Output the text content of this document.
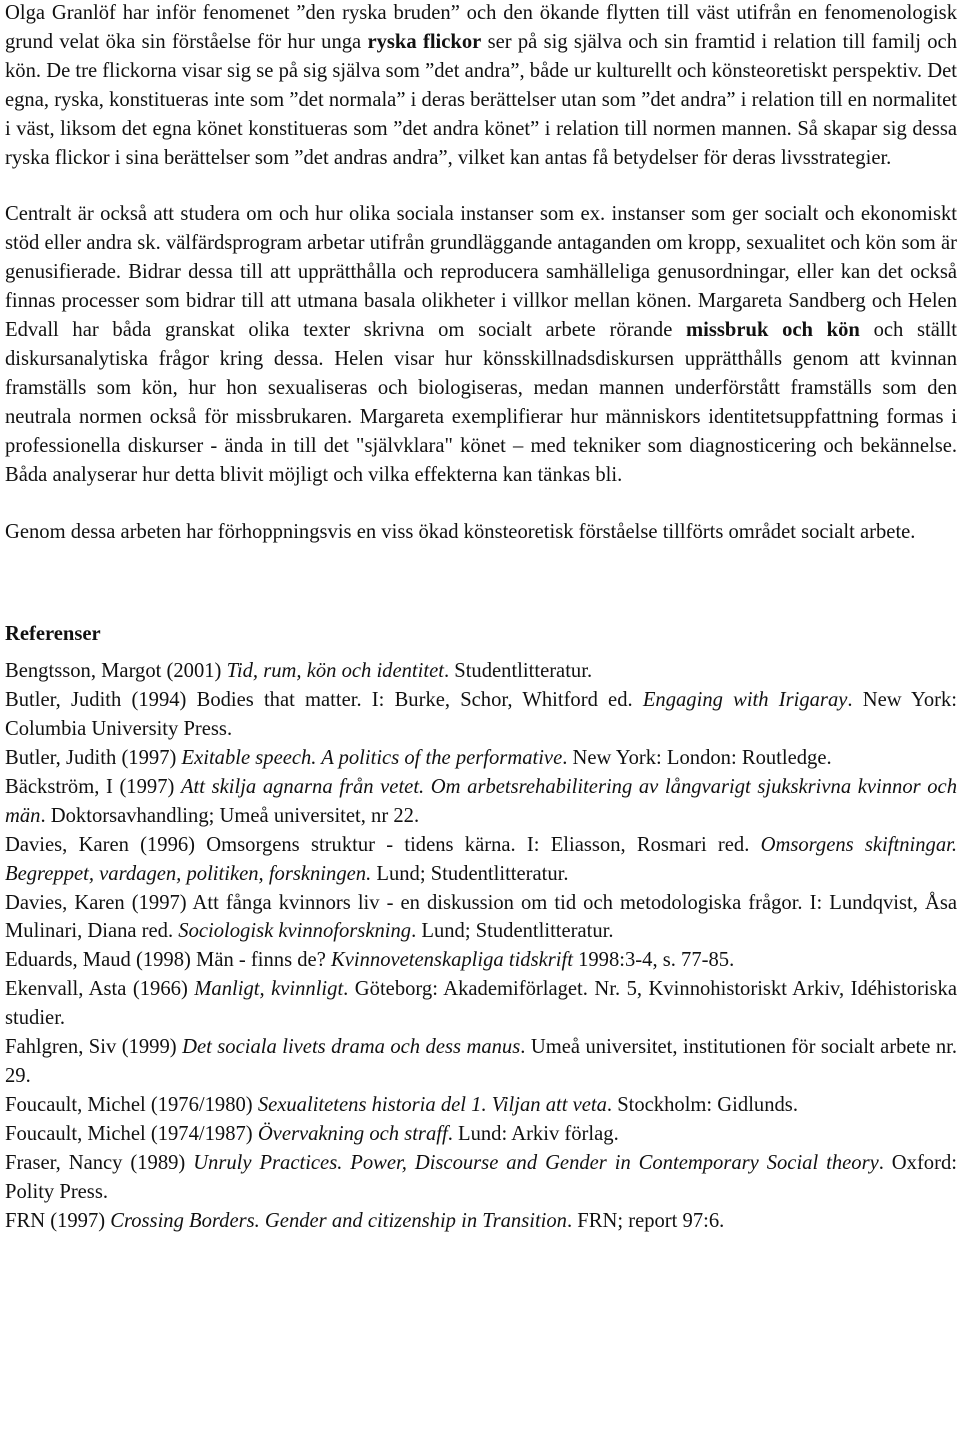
Olga Granlöf har inför fenomenet ”den ryska bruden” och den ökande flytten till väst utifrån en fenomenologisk grund velat öka sin förståelse för hur unga ryska flickor ser på sig själva och sin framtid i relation till familj och kön. De tre flickorna visar sig se på sig själva som ”det andra”, både ur kulturellt och könsteoretiskt perspektiv. Det egna, ryska, konstitueras inte som ”det normala” i deras berättelser utan som ”det andra” i relation till en normalitet i väst, liksom det egna könet konstitueras som ”det andra könet” i relation till normen mannen. Så skapar sig dessa ryska flickor i sina berättelser som ”det andras andra”, vilket kan antas få betydelser för deras livsstrategier.

Centralt är också att studera om och hur olika sociala instanser som ex. instanser som ger socialt och ekonomiskt stöd eller andra sk. välfärdsprogram arbetar utifrån grundläggande antaganden om kropp, sexualitet och kön som är genusifierade. Bidrar dessa till att upprätthålla och reproducera samhälleliga genusordningar, eller kan det också finnas processer som bidrar till att utmana basala olikheter i villkor mellan könen. Margareta Sandberg och Helen Edvall har båda granskat olika texter skrivna om socialt arbete rörande missbruk och kön och ställt diskursanalytiska frågor kring dessa. Helen visar hur könsskillnadsdiskursen upprätthålls genom att kvinnan framställs som kön, hur hon sexualiseras och biologiseras, medan mannen underförstått framställs som den neutrala normen också för missbrukaren. Margareta exemplifierar hur människors identitetsuppfattning formas i professionella diskurser - ända in till det "självklara" könet – med tekniker som diagnosticering och bekännelse. Båda analyserar hur detta blivit möjligt och vilka effekterna kan tänkas bli.

Genom dessa arbeten har förhoppningsvis en viss ökad könsteoretisk förståelse tillförts området socialt arbete.

Referenser

Bengtsson, Margot (2001) Tid, rum, kön och identitet. Studentlitteratur.

Butler, Judith (1994) Bodies that matter. I: Burke, Schor, Whitford ed. Engaging with Irigaray. New York: Columbia University Press.

Butler, Judith (1997) Exitable speech. A politics of the performative. New York: London: Routledge.

Bäckström, I (1997) Att skilja agnarna från vetet. Om arbetsrehabilitering av långvarigt sjukskrivna kvinnor och män. Doktorsavhandling; Umeå universitet, nr 22.

Davies, Karen (1996) Omsorgens struktur - tidens kärna. I: Eliasson, Rosmari red. Omsorgens skiftningar. Begreppet, vardagen, politiken, forskningen. Lund; Studentlitteratur.

Davies, Karen (1997) Att fånga kvinnors liv - en diskussion om tid och metodologiska frågor. I: Lundqvist, Åsa Mulinari, Diana red. Sociologisk kvinnoforskning. Lund; Studentlitteratur.

Eduards, Maud (1998) Män - finns de? Kvinnovetenskapliga tidskrift 1998:3-4, s. 77-85.

Ekenvall, Asta (1966) Manligt, kvinnligt. Göteborg: Akademiförlaget. Nr. 5, Kvinnohistoriskt Arkiv, Idéhistoriska studier.

Fahlgren, Siv (1999) Det sociala livets drama och dess manus. Umeå universitet, institutionen för socialt arbete nr. 29.

Foucault, Michel (1976/1980) Sexualitetens historia del 1. Viljan att veta. Stockholm: Gidlunds.

Foucault, Michel (1974/1987) Övervakning och straff. Lund: Arkiv förlag.

Fraser, Nancy (1989) Unruly Practices. Power, Discourse and Gender in Contemporary Social theory. Oxford: Polity Press.

FRN (1997) Crossing Borders. Gender and citizenship in Transition. FRN; report 97:6.
